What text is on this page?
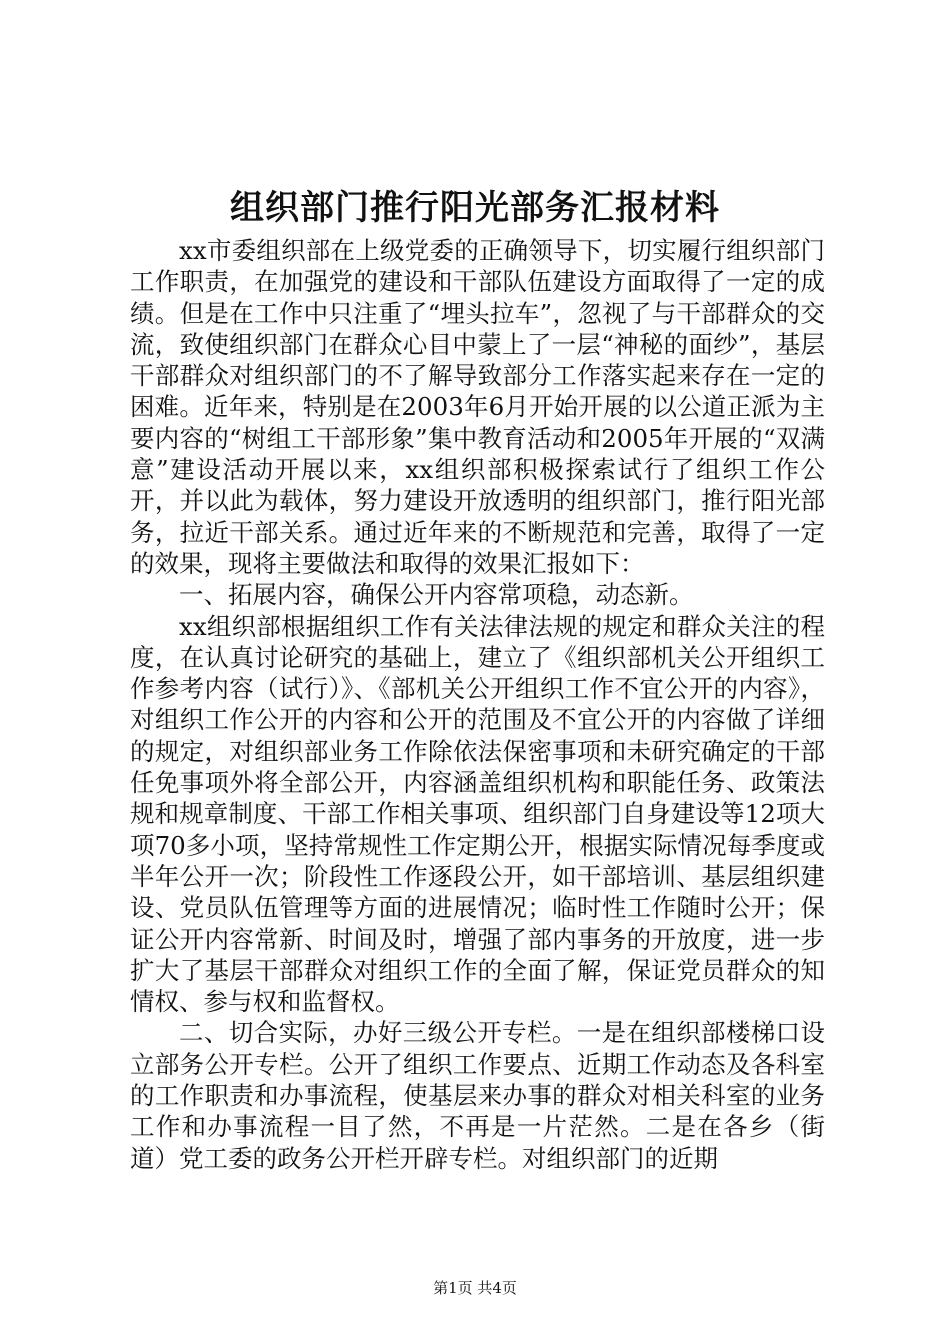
组织部门推行阳光部务汇报材料

xx市委组织部在上级党委的正确领导下，切实履行组织部门工作职责，在加强党的建设和干部队伍建设方面取得了一定的成绩。但是在工作中只注重了“埋头拉车”，忽视了与干部群众的交流，致使组织部门在群众心目中蒙上了一层“神秘的面纱”，基层干部群众对组织部门的不了解导致部分工作落实起来存在一定的困难。近年来，特别是在2003年6月开始开展的以公道正派为主要内容的“树组工干部形象”集中教育活动和2005年开展的“双满意”建设活动开展以来，xx组织部积极探索试行了组织工作公开，并以此为载体，努力建设开放透明的组织部门，推行阳光部务，拉近干部关系。通过近年来的不断规范和完善，取得了一定的效果，现将主要做法和取得的效果汇报如下：

一、拓展内容，确保公开内容常项稳，动态新。

xx组织部根据组织工作有关法律法规的规定和群众关注的程度，在认真讨论研究的基础上，建立了《组织部机关公开组织工作参考内容（试行）》、《部机关公开组织工作不宜公开的内容》，对组织工作公开的内容和公开的范围及不宜公开的内容做了详细的规定，对组织部业务工作除依法保密事项和未研究确定的干部任免事项外将全部公开，内容涵盖组织机构和职能任务、政策法规和规章制度、干部工作相关事项、组织部门自身建设等12项大项70多小项，坚持常规性工作定期公开，根据实际情况每季度或半年公开一次；阶段性工作逐段公开，如干部培训、基层组织建设、党员队伍管理等方面的进展情况；临时性工作随时公开；保证公开内容常新、时间及时，增强了部内事务的开放度，进一步扩大了基层干部群众对组织工作的全面了解，保证党员群众的知情权、参与权和监督权。

二、切合实际，办好三级公开专栏。一是在组织部楼梯口设立部务公开专栏。公开了组织工作要点、近期工作动态及各科室的工作职责和办事流程，使基层来办事的群众对相关科室的业务工作和办事流程一目了然，不再是一片茫然。二是在各乡（街道）党工委的政务公开栏开辟专栏。对组织部门的近期

第1页 共4页
